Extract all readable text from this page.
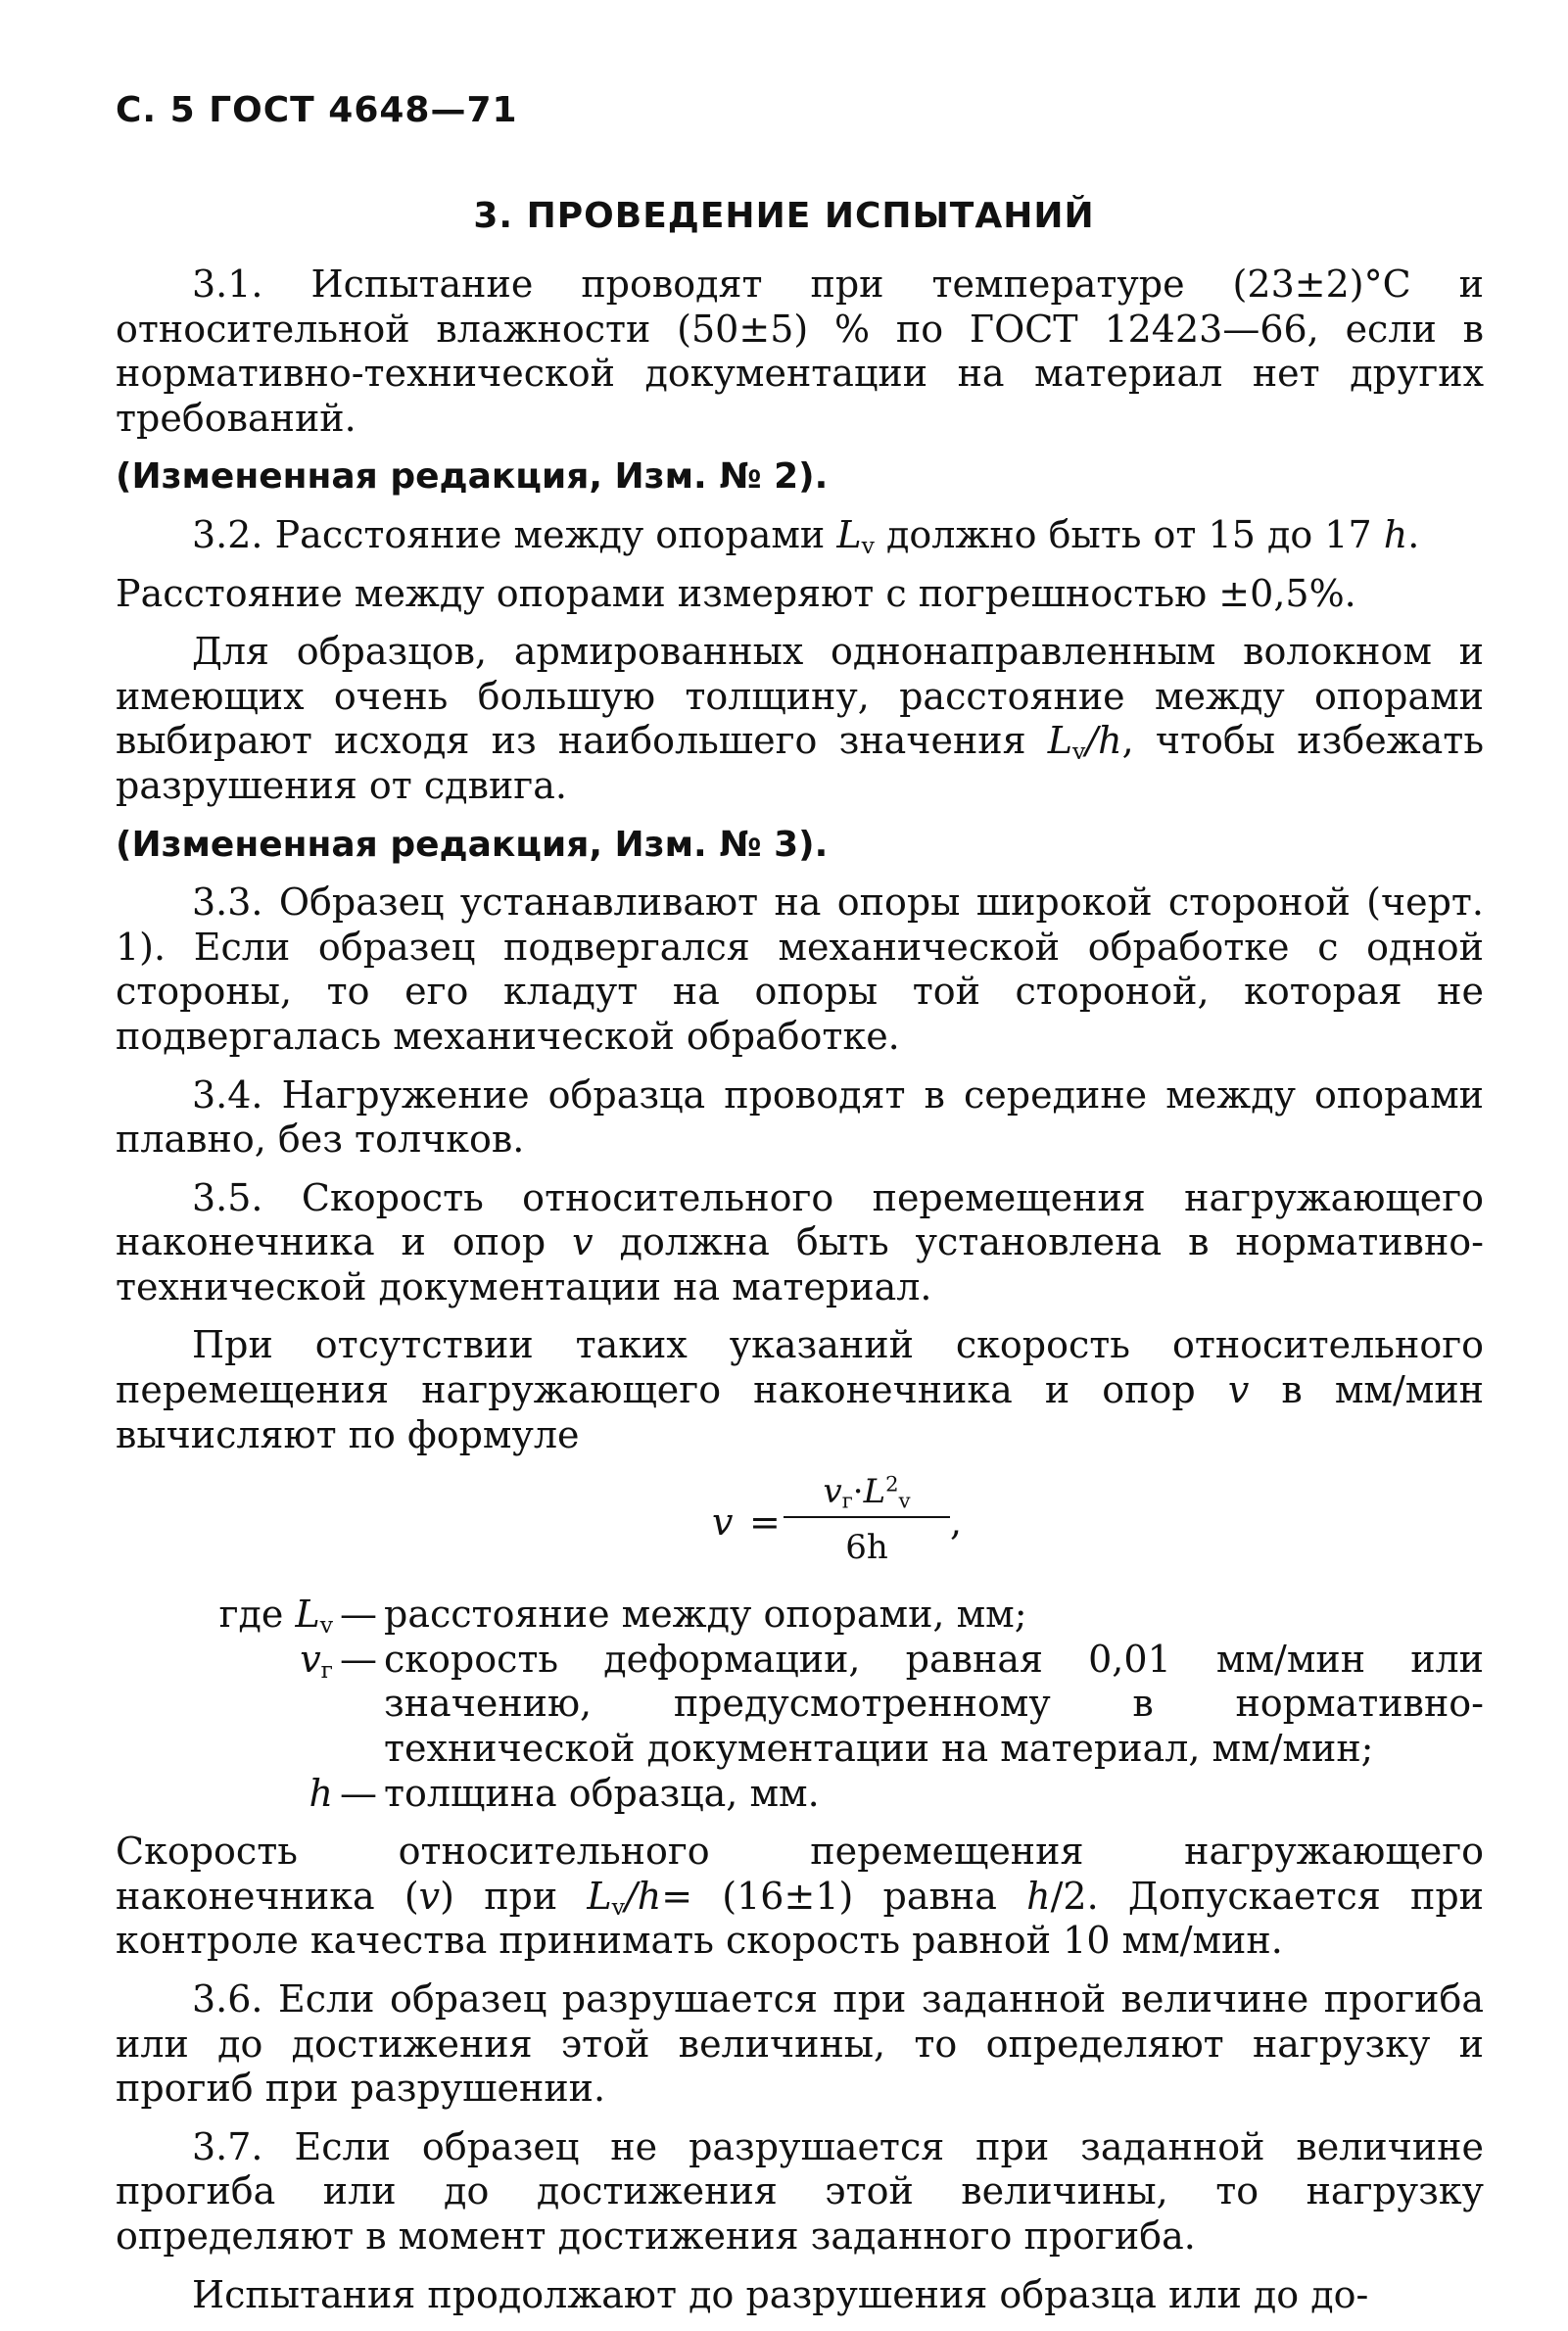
С. 5 ГОСТ 4648—71
3. ПРОВЕДЕНИЕ ИСПЫТАНИЙ

3.1. Испытание проводят при температуре (23±2)°С и относительной влажности (50±5) % по ГОСТ 12423—66, если в нормативно-технической документации на материал нет других требований.

(Измененная редакция, Изм. № 2).

3.2. Расстояние между опорами $L_v$ должно быть от 15 до 17 h.

Расстояние между опорами измеряют с погрешностью ±0,5%.

Для образцов, армированных однонаправленным волокном и имеющих очень большую толщину, расстояние между опорами выбирают исходя из наибольшего значения $L_v/h$, чтобы избежать разрушения от сдвига.

(Измененная редакция, Изм. № 3).

3.3. Образец устанавливают на опоры широкой стороной (черт. 1). Если образец подвергался механической обработке с одной стороны, то его кладут на опоры той стороной, которая не подвергалась механической обработке.

3.4. Нагружение образца проводят в середине между опорами плавно, без толчков.

3.5. Скорость относительного перемещения нагружающего наконечника и опор v должна быть установлена в нормативно-технической документации на материал.

При отсутствии таких указаний скорость относительного перемещения нагружающего наконечника и опор v в мм/мин вычисляют по формуле

v =
$v_г\cdot L^2_v$
6h
,
где $L_v$ — расстояние между опорами, мм;
$v_г$ — скорость деформации, равная 0,01 мм/мин или значению, предусмотренному в нормативно-технической документации на материал, мм/мин;
h — толщина образца, мм.

Скорость относительного перемещения нагружающего наконечника (v) при $L_v/h= (16\pm 1)$ равна h/2. Допускается при контроле качества принимать скорость равной 10 мм/мин.

3.6. Если образец разрушается при заданной величине прогиба или до достижения этой величины, то определяют нагрузку и прогиб при разрушении.

3.7. Если образец не разрушается при заданной величине прогиба или до достижения этой величины, то нагрузку определяют в момент достижения заданного прогиба.

Испытания продолжают до разрушения образца или до до-
